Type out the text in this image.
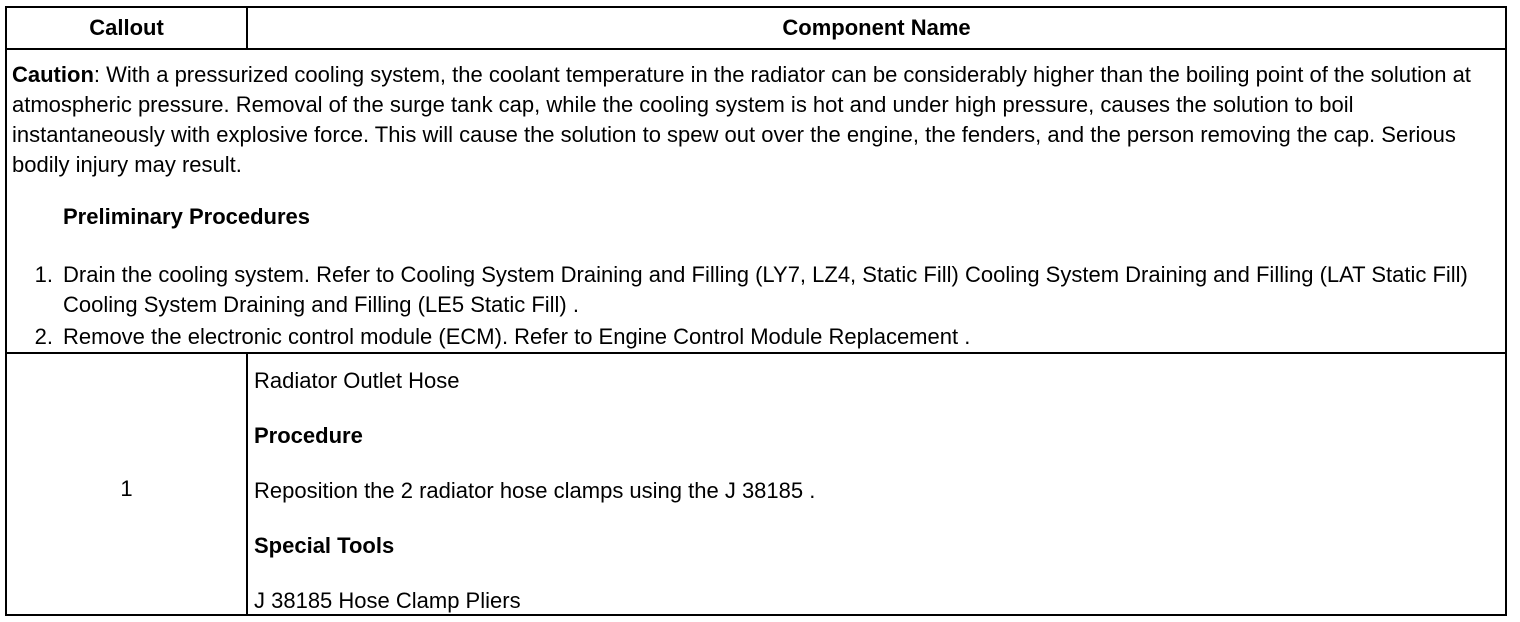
Callout	Component Name
Caution: With a pressurized cooling system, the coolant temperature in the radiator can be considerably higher than the boiling point of the solution at atmospheric pressure. Removal of the surge tank cap, while the cooling system is hot and under high pressure, causes the solution to boil instantaneously with explosive force. This will cause the solution to spew out over the engine, the fenders, and the person removing the cap. Serious bodily injury may result.
Preliminary Procedures
1. Drain the cooling system. Refer to Cooling System Draining and Filling (LY7, LZ4, Static Fill) Cooling System Draining and Filling (LAT Static Fill) Cooling System Draining and Filling (LE5 Static Fill) .
2. Remove the electronic control module (ECM). Refer to Engine Control Module Replacement .
1
Radiator Outlet Hose
Procedure
Reposition the 2 radiator hose clamps using the J 38185 .
Special Tools
J 38185 Hose Clamp Pliers
